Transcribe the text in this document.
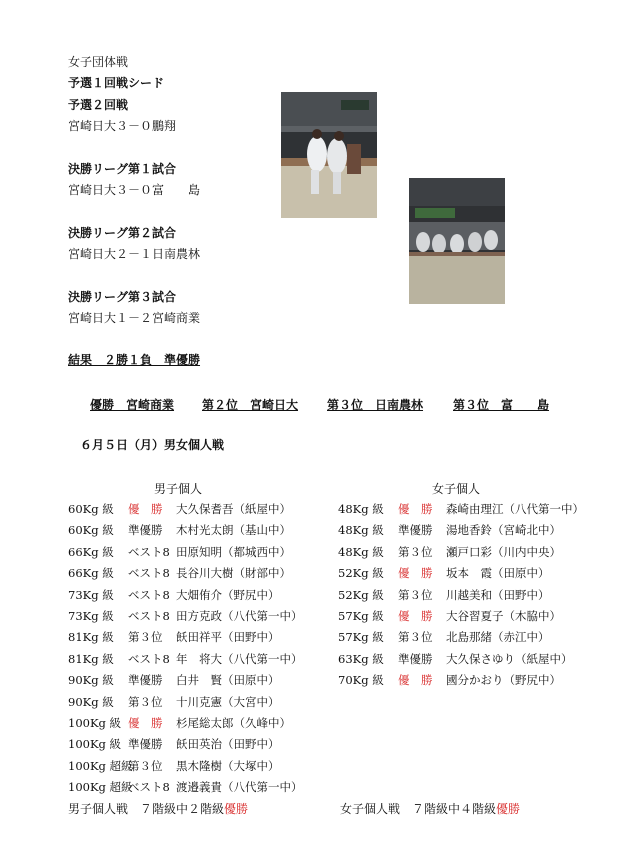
女子団体戦
予選１回戦シード
予選２回戦
宮崎日大３－０鵬翔
決勝リーグ第１試合
宮崎日大３－０富　　島
決勝リーグ第２試合
宮崎日大２－１日南農林
決勝リーグ第３試合
宮崎日大１－２宮崎商業
結果　２勝１負　準優勝
優勝　宮崎商業 第２位　宮崎日大 第３位　日南農林 第３位　富　　島
６月５日（月）男女個人戦
男子個人	女子個人
60Kg 級 優　勝 大久保耆吾（紙屋中）
60Kg 級 準優勝 木村光太朗（基山中）
66Kg 級 ベスト8 田原知明（都城西中）
66Kg 級 ベスト8 長谷川大樹（財部中）
73Kg 級 ベスト8 大畑侑介（野尻中）
73Kg 級 ベスト8 田方克政（八代第一中）
81Kg 級 第３位 飫田祥平（田野中）
81Kg 級 ベスト8 年　将大（八代第一中）
90Kg 級 準優勝 白井　賢（田原中）
90Kg 級 第３位 十川克憲（大宮中）
100Kg 級 優　勝 杉尾総太郎（久峰中）
100Kg 級 準優勝 飫田英治（田野中）
100Kg 超級
第３位 黒木隆樹（大塚中）
100Kg 超級
ベスト8 渡邉義貴（八代第一中）
48Kg 級 優　勝 森崎由理江（八代第一中）
48Kg 級 準優勝 湯地香鈴（宮崎北中）
48Kg 級 第３位 瀬戸口彩（川内中央）
52Kg 級 優　勝 坂本　霞（田原中）
52Kg 級 第３位 川越美和（田野中）
57Kg 級 優　勝 大谷習夏子（木脇中）
57Kg 級 第３位 北島那緒（赤江中）
63Kg 級 準優勝 大久保さゆり（紙屋中）
70Kg 級 優　勝 國分かおり（野尻中）
男子個人戦　７階級中２階級優勝	女子個人戦　７階級中４階級優勝
